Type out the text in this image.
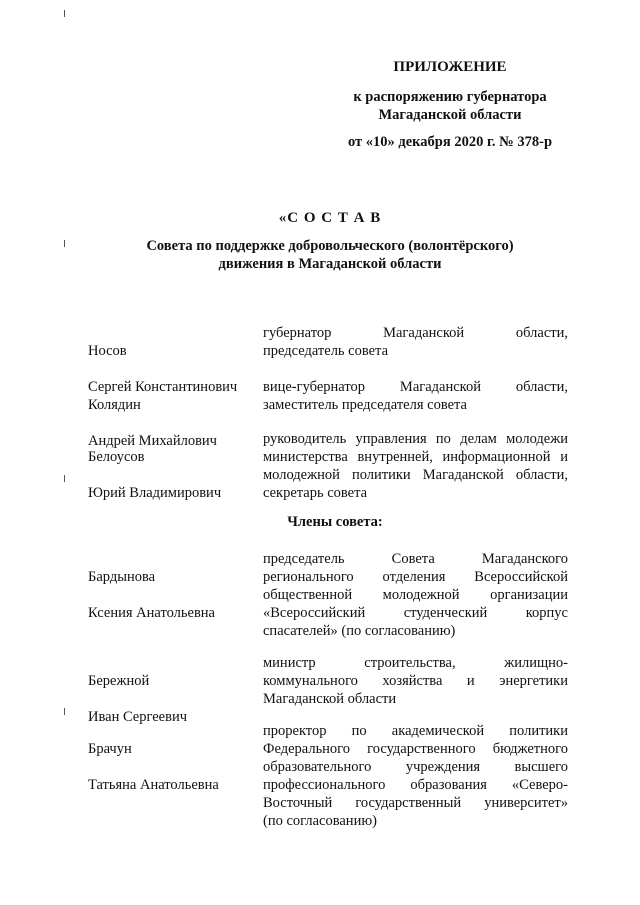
ПРИЛОЖЕНИЕ
к распоряжению губернатора
Магаданской области
от «10» декабря 2020 г. № 378-р
«С О С Т А В
Совета по поддержке добровольческого (волонтёрского)
движения в Магаданской области

Носов

Сергей Константинович

губернатор Магаданской области,
председатель совета

Колядин

Андрей Михайлович

вице-губернатор Магаданской области,
заместитель председателя совета

Белоусов

Юрий Владимирович

руководитель управления по делам молодежи
министерства внутренней, информационной и
молодежной политики Магаданской области,
секретарь совета
Члены совета:

Бардынова

Ксения Анатольевна

председатель Совета Магаданского
регионального отделения Всероссийской
общественной молодежной организации
«Всероссийский студенческий корпус
спасателей» (по согласованию)

Бережной

Иван Сергеевич

министр строительства, жилищно-
коммунального хозяйства и энергетики
Магаданской области

Брачун

Татьяна Анатольевна

проректор по академической политики
Федерального государственного бюджетного
образовательного учреждения высшего
профессионального образования «Северо-
Восточный государственный университет»
(по согласованию)
